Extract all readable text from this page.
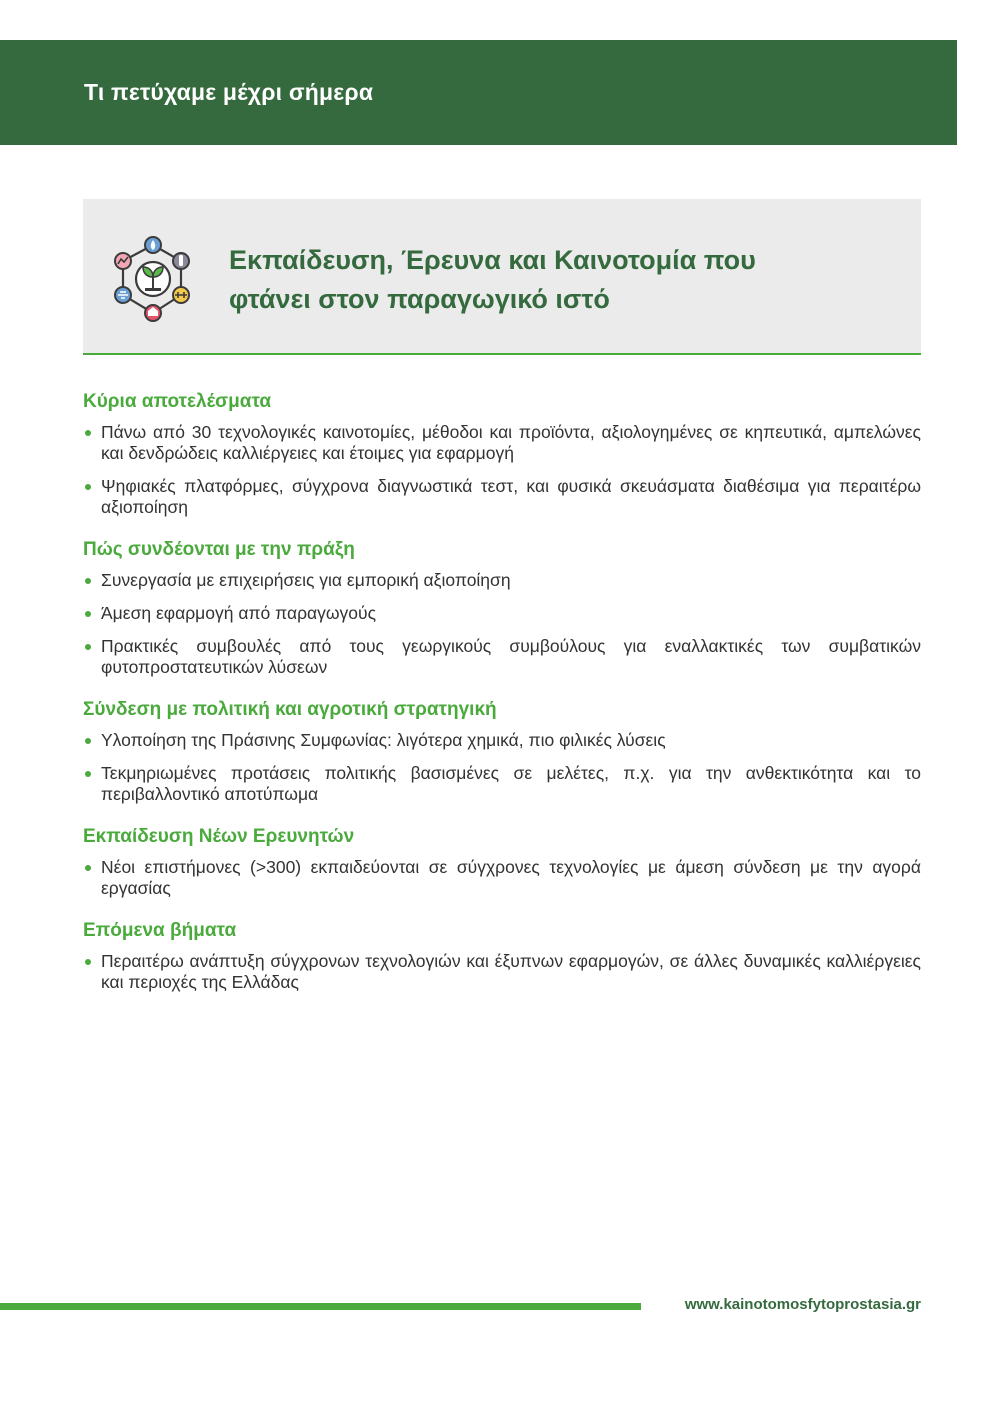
Τι πετύχαμε μέχρι σήμερα
Εκπαίδευση, Έρευνα και Καινοτομία που
φτάνει στον παραγωγικό ιστό
Κύρια αποτελέσματα
Πάνω από 30 τεχνολογικές καινοτομίες, μέθοδοι και προϊόντα, αξιολογημένες σε κηπευτικά, αμπελώνες και δενδρώδεις καλλιέργειες και έτοιμες για εφαρμογή
Ψηφιακές πλατφόρμες, σύγχρονα διαγνωστικά τεστ, και φυσικά σκευάσματα διαθέσιμα για περαιτέρω αξιοποίηση
Πώς συνδέονται με την πράξη
Συνεργασία με επιχειρήσεις για εμπορική αξιοποίηση
Άμεση εφαρμογή από παραγωγούς
Πρακτικές συμβουλές από τους γεωργικούς συμβούλους για εναλλακτικές των συμβατικών φυτοπροστατευτικών λύσεων
Σύνδεση με πολιτική και αγροτική στρατηγική
Υλοποίηση της Πράσινης Συμφωνίας: λιγότερα χημικά, πιο φιλικές λύσεις
Τεκμηριωμένες προτάσεις πολιτικής βασισμένες σε μελέτες, π.χ. για την ανθεκτικότητα και το περιβαλλοντικό αποτύπωμα
Εκπαίδευση Νέων Ερευνητών
Νέοι επιστήμονες (>300) εκπαιδεύονται σε σύγχρονες τεχνολογίες με άμεση σύνδεση με την αγορά εργασίας
Επόμενα βήματα
Περαιτέρω ανάπτυξη σύγχρονων τεχνολογιών και έξυπνων εφαρμογών, σε άλλες δυναμικές καλλιέργειες και περιοχές της Ελλάδας
www.kainotomosfytoprostasia.gr
